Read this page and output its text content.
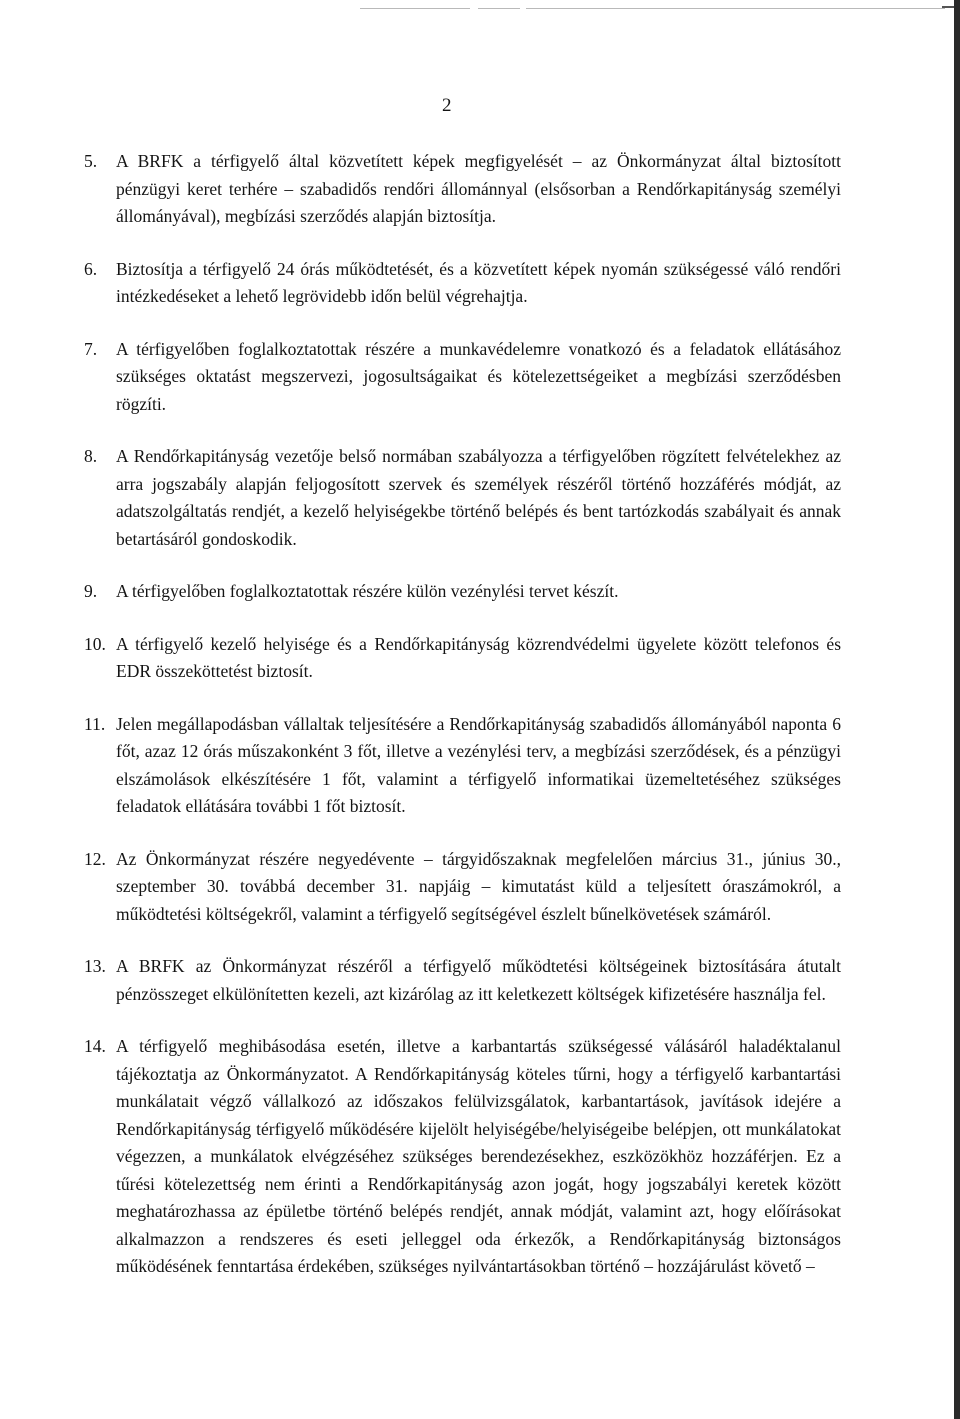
2
5.	A BRFK a térfigyelő által közvetített képek megfigyelését – az Önkormányzat által biztosított pénzügyi keret terhére – szabadidős rendőri állománnyal (elsősorban a Rendőrkapitányság személyi állományával), megbízási szerződés alapján biztosítja.
6.	Biztosítja a térfigyelő 24 órás működtetését, és a közvetített képek nyomán szükségessé váló rendőri intézkedéseket a lehető legrövidebb időn belül végrehajtja.
7.	A térfigyelőben foglalkoztatottak részére a munkavédelemre vonatkozó és a feladatok ellátásához szükséges oktatást megszervezi, jogosultságaikat és kötelezettségeiket a megbízási szerződésben rögzíti.
8.	A Rendőrkapitányság vezetője belső normában szabályozza a térfigyelőben rögzített felvételekhez az arra jogszabály alapján feljogosított szervek és személyek részéről történő hozzáférés módját, az adatszolgáltatás rendjét, a kezelő helyiségekbe történő belépés és bent tartózkodás szabályait és annak betartásáról gondoskodik.
9.	A térfigyelőben foglalkoztatottak részére külön vezénylési tervet készít.
10. A térfigyelő kezelő helyisége és a Rendőrkapitányság közrendvédelmi ügyelete között telefonos és EDR összeköttetést biztosít.
11. Jelen megállapodásban vállaltak teljesítésére a Rendőrkapitányság szabadidős állományából naponta 6 főt, azaz 12 órás műszakonként 3 főt, illetve a vezénylési terv, a megbízási szerződések, és a pénzügyi elszámolások elkészítésére 1 főt, valamint a térfigyelő informatikai üzemeltetéséhez szükséges feladatok ellátására további 1 főt biztosít.
12. Az Önkormányzat részére negyedévente – tárgyidőszaknak megfelelően március 31., június 30., szeptember 30. továbbá december 31. napjáig – kimutatást küld a teljesített óraszámokról, a működtetési költségekről, valamint a térfigyelő segítségével észlelt bűnelkövetések számáról.
13. A BRFK az Önkormányzat részéről a térfigyelő működtetési költségeinek biztosítására átutalt pénzösszeget elkülönítetten kezeli, azt kizárólag az itt keletkezett költségek kifizetésére használja fel.
14. A térfigyelő meghibásodása esetén, illetve a karbantartás szükségessé válásáról haladéktalanul tájékoztatja az Önkormányzatot. A Rendőrkapitányság köteles tűrni, hogy a térfigyelő karbantartási munkálatait végző vállalkozó az időszakos felülvizsgálatok, karbantartások, javítások idejére a Rendőrkapitányság térfigyelő működésére kijelölt helyiségébe/helyiségeibe belépjen, ott munkálatokat végezzen, a munkálatok elvégzéséhez szükséges berendezésekhez, eszközökhöz hozzáférjen. Ez a tűrési kötelezettség nem érinti a Rendőrkapitányság azon jogát, hogy jogszabályi keretek között meghatározhassa az épületbe történő belépés rendjét, annak módját, valamint azt, hogy előírásokat alkalmazzon a rendszeres és eseti jelleggel oda érkezők, a Rendőrkapitányság biztonságos működésének fenntartása érdekében, szükséges nyilvántartásokban történő – hozzájárulást követő –
